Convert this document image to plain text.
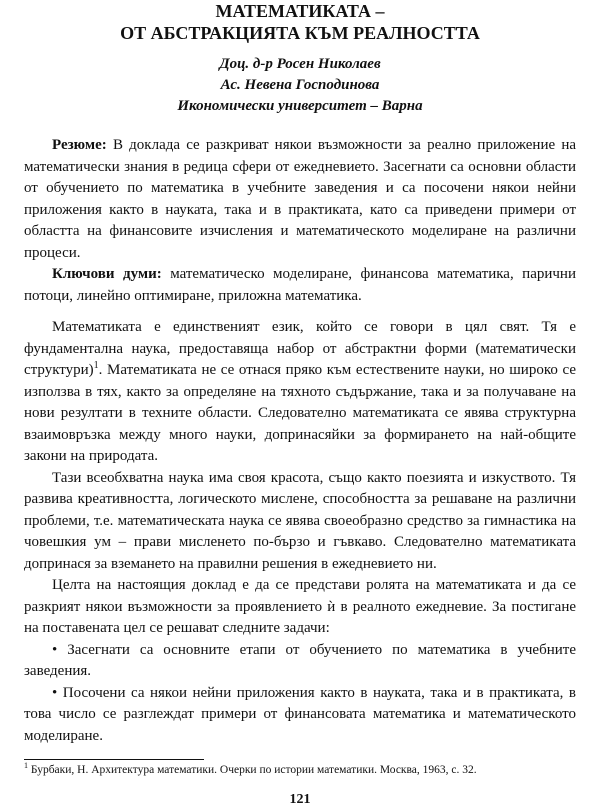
МАТЕМАТИКАТА –
ОТ АБСТРАКЦИЯТА КЪМ РЕАЛНОСТТА
Доц. д-р Росен Николаев
Ас. Невена Господинова
Икономически университет – Варна

Резюме: В доклада се разкриват някои възможности за реално приложение на математически знания в редица сфери от ежедневието. Засегнати са основни области от обучението по математика в учебните заведения и са посочени някои нейни приложения както в науката, така и в практиката, като са приведени примери от областта на финансовите изчисления и математическото моделиране на различни процеси.

Ключови думи: математическо моделиране, финансова математика, парични потоци, линейно оптимиране, приложна математика.

Математиката е единственият език, който се говори в цял свят. Тя е фундаментална наука, предоставяща набор от абстрактни форми (математически структури)$^1$. Математиката не се отнася пряко към естествените науки, но широко се използва в тях, както за определяне на тяхното съдържание, така и за получаване на нови резултати в техните области. Следователно математиката се явява структурна взаимовръзка между много науки, допринасяйки за формирането на най-общите закони на природата.

Тази всеобхватна наука има своя красота, също както поезията и изкуството. Тя развива креативността, логическото мислене, способността за решаване на различни проблеми, т.е. математическата наука се явява своеобразно средство за гимнастика на човешкия ум – прави мисленето по-бързо и гъвкаво. Следователно математиката допринася за вземането на правилни решения в ежедневието ни.

Целта на настоящия доклад е да се представи ролята на математиката и да се разкрият някои възможности за проявлението ѝ в реалното ежедневие. За постигане на поставената цел се решават следните задачи:

• Засегнати са основните етапи от обучението по математика в учебните заведения.

• Посочени са някои нейни приложения както в науката, така и в практиката, в това число се разглеждат примери от финансовата математика и математическото моделиране.

$^1$ Бурбаки, Н. Архитектура математики. Очерки по истории математики. Москва, 1963, с. 32.
121
